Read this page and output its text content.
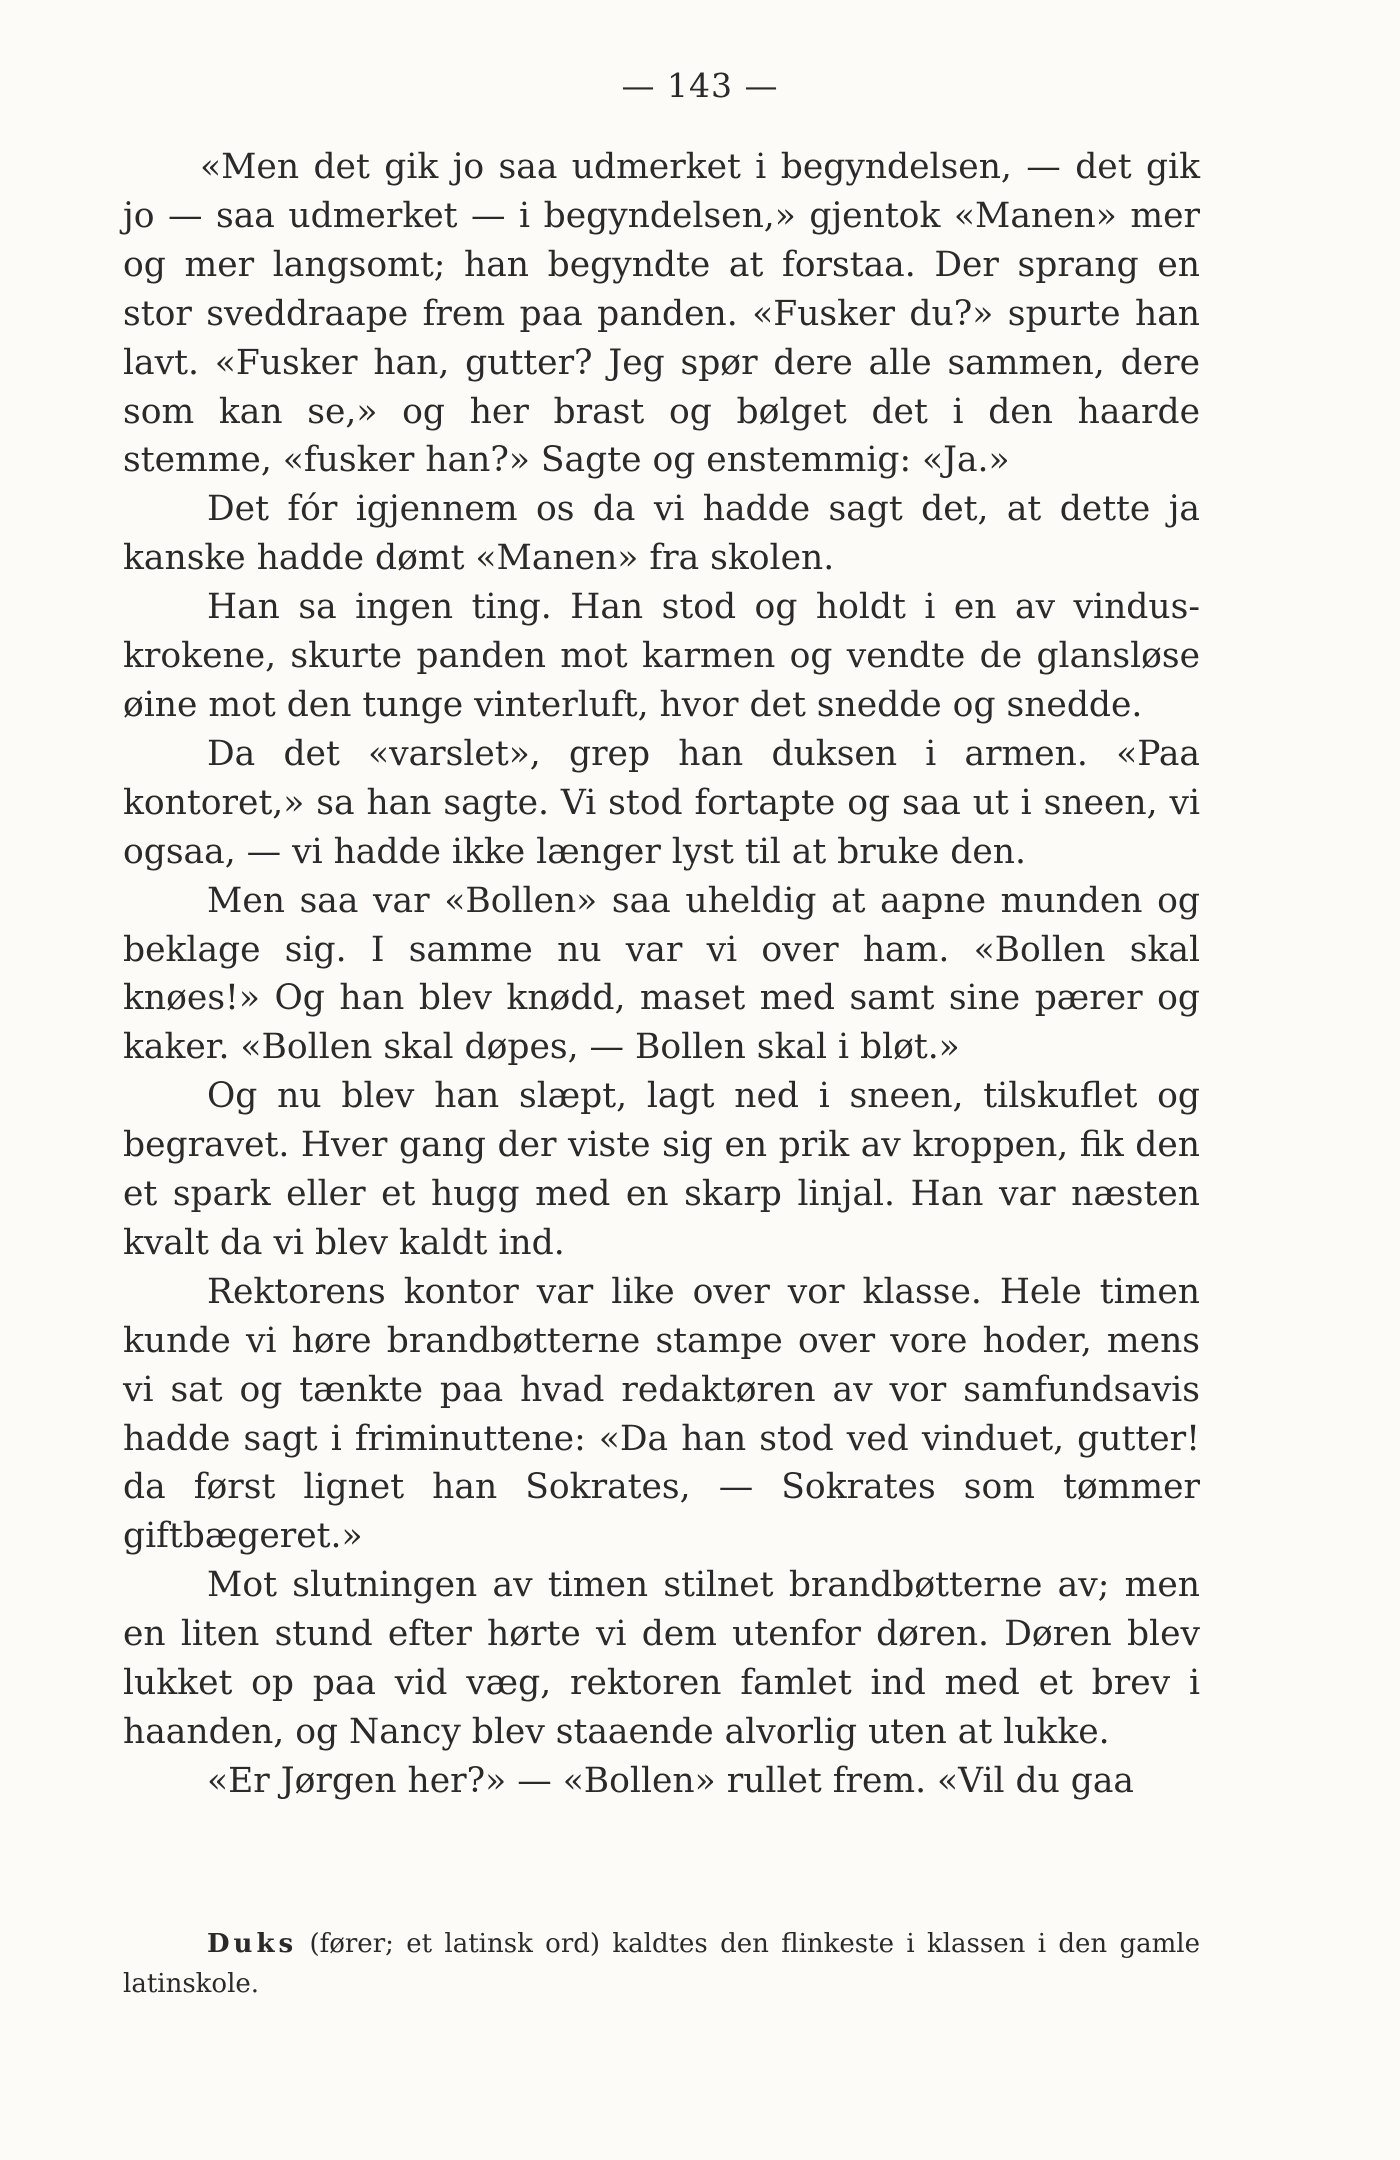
— 143 —

«Men det gik jo saa udmerket i begyndelsen, — det gik jo — saa udmerket — i begyndelsen,» gjentok «Manen» mer og mer langsomt; han begyndte at forstaa. Der sprang en stor sveddraape frem paa panden. «Fusker du?» spurte han lavt. «Fusker han, gutter? Jeg spør dere alle sammen, dere som kan se,» og her brast og bølget det i den haarde stemme, «fusker han?» Sagte og enstemmig: «Ja.»

Det fór igjennem os da vi hadde sagt det, at dette ja kanske hadde dømt «Manen» fra skolen.

Han sa ingen ting. Han stod og holdt i en av vinduskrokene, skurte panden mot karmen og vendte de glansløse øine mot den tunge vinterluft, hvor det snedde og snedde.

Da det «varslet», grep han duksen i armen. «Paa kontoret,» sa han sagte. Vi stod fortapte og saa ut i sneen, vi ogsaa, — vi hadde ikke længer lyst til at bruke den.

Men saa var «Bollen» saa uheldig at aapne munden og beklage sig. I samme nu var vi over ham. «Bollen skal knøes!» Og han blev knødd, maset med samt sine pærer og kaker. «Bollen skal døpes, — Bollen skal i bløt.»

Og nu blev han slæpt, lagt ned i sneen, tilskuflet og begravet. Hver gang der viste sig en prik av kroppen, fik den et spark eller et hugg med en skarp linjal. Han var næsten kvalt da vi blev kaldt ind.

Rektorens kontor var like over vor klasse. Hele timen kunde vi høre brandbøtterne stampe over vore hoder, mens vi sat og tænkte paa hvad redaktøren av vor samfundsavis hadde sagt i friminuttene: «Da han stod ved vinduet, gutter! da først lignet han Sokrates, — Sokrates som tømmer giftbægeret.»

Mot slutningen av timen stilnet brandbøtterne av; men en liten stund efter hørte vi dem utenfor døren. Døren blev lukket op paa vid væg, rektoren famlet ind med et brev i haanden, og Nancy blev staaende alvorlig uten at lukke.

«Er Jørgen her?» — «Bollen» rullet frem. «Vil du gaa

Duks (fører; et latinsk ord) kaldtes den flinkeste i klassen i den gamle latinskole.
